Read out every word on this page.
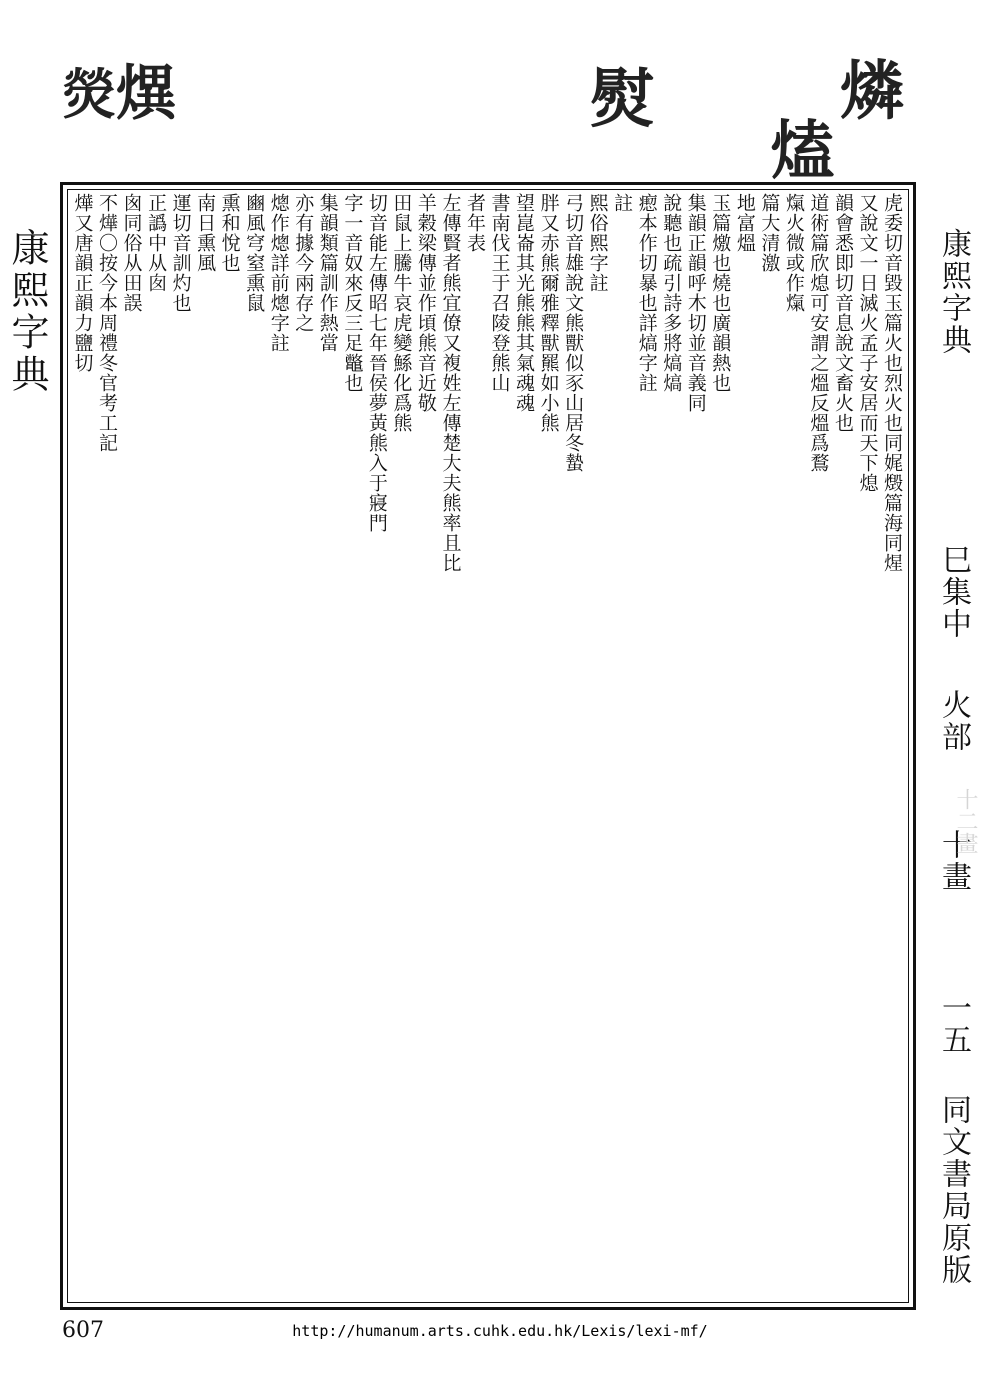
燐
熆
熨
熼
熒
康熙字典	虎委切音毀玉篇火也烈火也同娓燬篇海同煋
又說文一日滅火孟子安居而天下熄
韻會悉即切音息說文畜火也
道術篇欣熄可安謂之熅反熅爲鶩
熂火微或作熂
篇大清激
地富熅
玉篇燩也燒也廣韻熱也
集韻正韻呼木切並音義同
說聽也疏引詩多將熇熇
瘛本作切暴也詳熇字註
註
熙俗熙字註
弓切音雄說文熊獸似豕山居冬蟄
胖又赤熊爾雅釋獸羆如小熊
望崑崙其光熊熊其氣魂魂
書南伐王于召陵登熊山
者年表
左傳賢者熊宜僚又複姓左傳楚大夫熊率且比
羊穀梁傳並作頃熊音近敬
田鼠上騰牛哀虎變鯀化爲熊
切音能左傳昭七年晉侯夢黃熊入于寢門
字一音奴來反三足鼈也
集韻類篇訓作熱當
亦有據今兩存之
熜作熜詳前熜字註
豳風穹窒熏鼠
熏和悅也
南日熏風
運切音訓灼也
正譌中从囱
囪同俗从田誤
不燁〇按今本周禮冬官考工記
燁又唐韻正韻力鹽切	康熙字典
巳集中
火部
十畫
一五
同文書局原版
十二畫
607	http://humanum.arts.cuhk.edu.hk/Lexis/lexi-mf/
